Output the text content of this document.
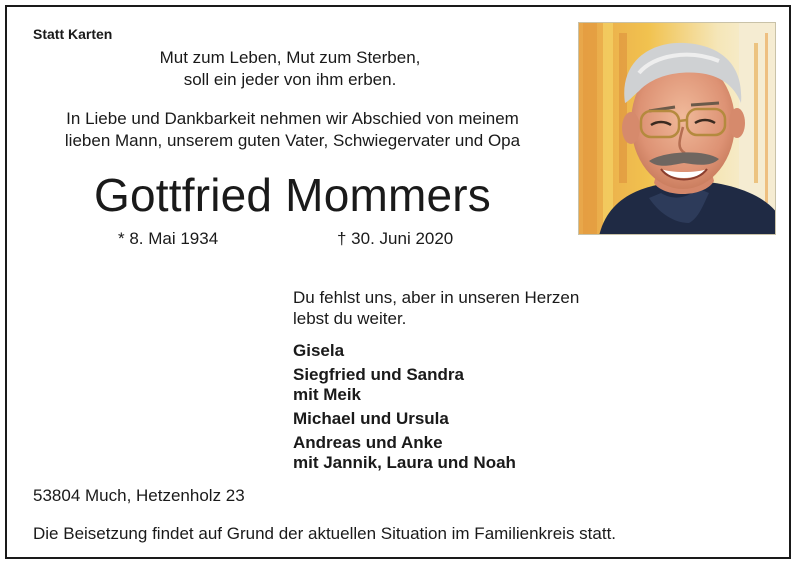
Statt Karten
Mut zum Leben, Mut zum Sterben,
soll ein jeder von ihm erben.
In Liebe und Dankbarkeit nehmen wir Abschied von meinem
lieben Mann, unserem guten Vater, Schwiegervater und Opa
Gottfried Mommers
* 8. Mai 1934	† 30. Juni 2020
Du fehlst uns, aber in unseren Herzen
lebst du weiter.
Gisela
Siegfried und Sandra
mit Meik
Michael und Ursula
Andreas und Anke
mit Jannik, Laura und Noah
53804 Much, Hetzenholz 23
Die Beisetzung findet auf Grund der aktuellen Situation im Familienkreis statt.
